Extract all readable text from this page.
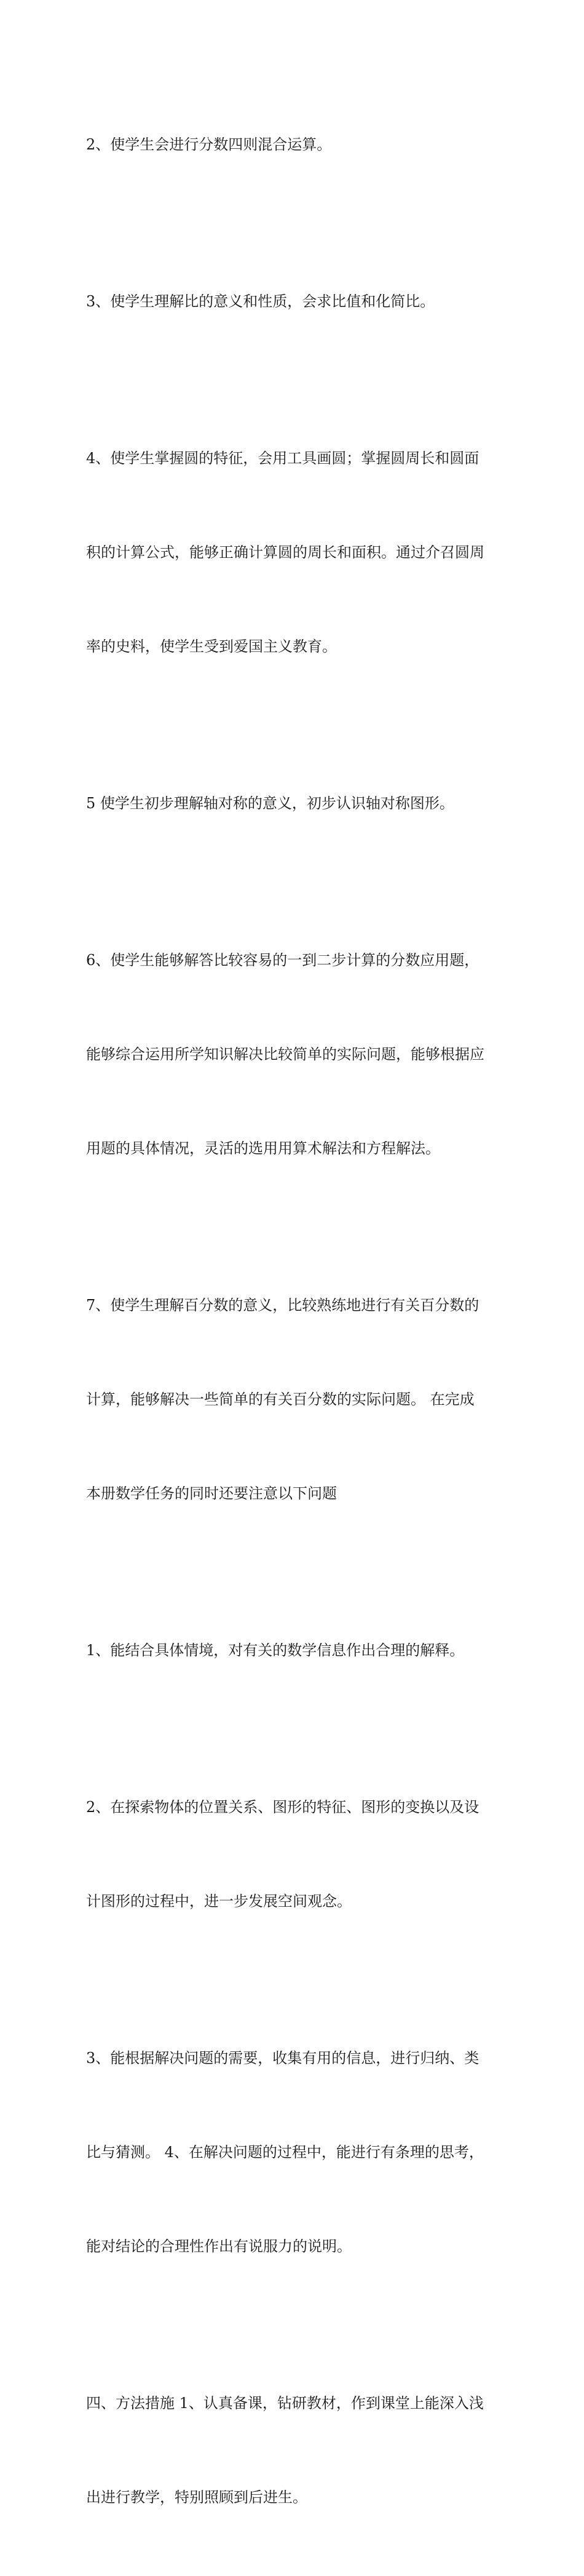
2、使学生会进行分数四则混合运算。

3、使学生理解比的意义和性质，会求比值和化简比。

4、使学生掌握圆的特征，会用工具画圆；掌握圆周长和圆面

积的计算公式，能够正确计算圆的周长和面积。通过介召圆周

率的史料，使学生受到爱国主义教育。

5 使学生初步理解轴对称的意义，初步认识轴对称图形。

6、使学生能够解答比较容易的一到二步计算的分数应用题，

能够综合运用所学知识解决比较简单的实际问题，能够根据应

用题的具体情况，灵活的选用用算术解法和方程解法。

7、使学生理解百分数的意义，比较熟练地进行有关百分数的

计算，能够解决一些简单的有关百分数的实际问题。 在完成

本册数学任务的同时还要注意以下问题

1、能结合具体情境，对有关的数学信息作出合理的解释。

2、在探索物体的位置关系、图形的特征、图形的变换以及设

计图形的过程中，进一步发展空间观念。

3、能根据解决问题的需要，收集有用的信息，进行归纳、类

比与猜测。 4、在解决问题的过程中，能进行有条理的思考，

能对结论的合理性作出有说服力的说明。

四、方法措施 1、认真备课，钻研教材，作到课堂上能深入浅

出进行教学，特别照顾到后进生。
